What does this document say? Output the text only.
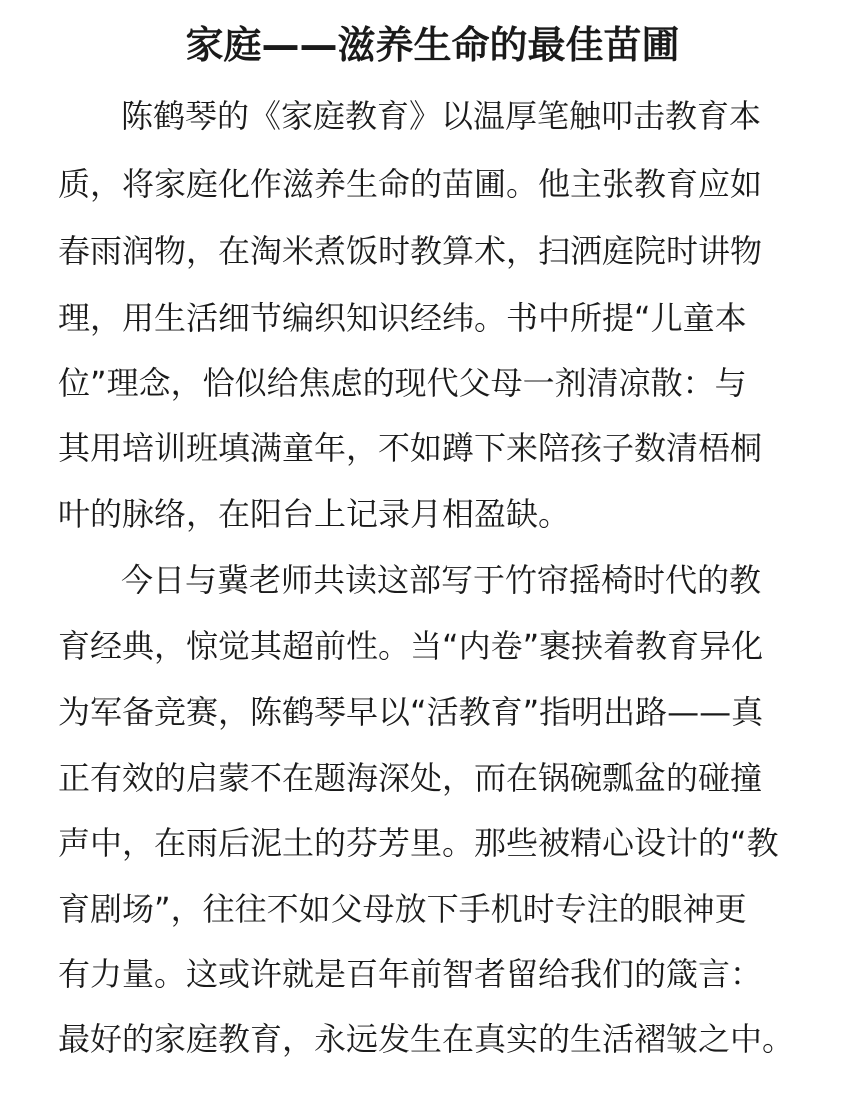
家庭——滋养生命的最佳苗圃

陈鹤琴的《家庭教育》以温厚笔触叩击教育本

质，将家庭化作滋养生命的苗圃。他主张教育应如

春雨润物，在淘米煮饭时教算术，扫洒庭院时讲物

理，用生活细节编织知识经纬。书中所提“儿童本

位”理念，恰似给焦虑的现代父母一剂清凉散：与

其用培训班填满童年，不如蹲下来陪孩子数清梧桐

叶的脉络，在阳台上记录月相盈缺。

今日与冀老师共读这部写于竹帘摇椅时代的教

育经典，惊觉其超前性。当“内卷”裹挟着教育异化

为军备竞赛，陈鹤琴早以“活教育”指明出路——真

正有效的启蒙不在题海深处，而在锅碗瓢盆的碰撞

声中，在雨后泥土的芬芳里。那些被精心设计的“教

育剧场”，往往不如父母放下手机时专注的眼神更

有力量。这或许就是百年前智者留给我们的箴言：

最好的家庭教育，永远发生在真实的生活褶皱之中。
